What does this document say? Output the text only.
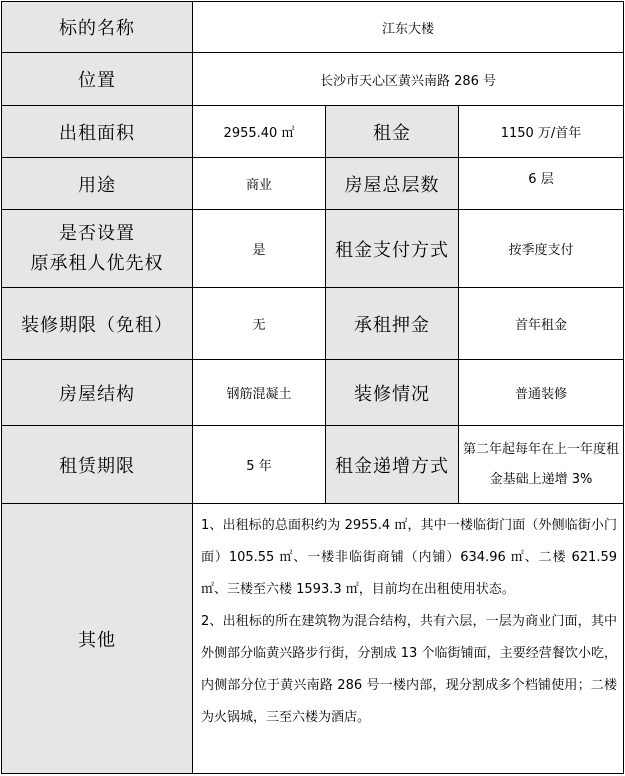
标的名称	江东大楼		
位置	长沙市天心区黄兴南路 286 号		
出租面积	2955.40 ㎡	租金	1150 万/首年
用途	商业	房屋总层数	6 层

是否设置
原承租人优先权	是	租金支付方式	按季度支付
装修期限（免租）	无	承租押金	首年租金
房屋结构	钢筋混凝土	装修情况	普通装修
租赁期限	5 年	租金递增方式	第二年起每年在上一年度租金基础上递增 3%
其他	1、出租标的总面积约为 2955.4 ㎡，其中一楼临街门面（外侧临街小门面）105.55 ㎡、一楼非临街商铺（内铺）634.96 ㎡、二楼 621.59 ㎡、三楼至六楼 1593.3 ㎡，目前均在出租使用状态。
2、出租标的所在建筑物为混合结构，共有六层，一层为商业门面，其中外侧部分临黄兴路步行街，分割成 13 个临街铺面，主要经营餐饮小吃，内侧部分位于黄兴南路 286 号一楼内部，现分割成多个档铺使用；二楼为火锅城，三至六楼为酒店。		
